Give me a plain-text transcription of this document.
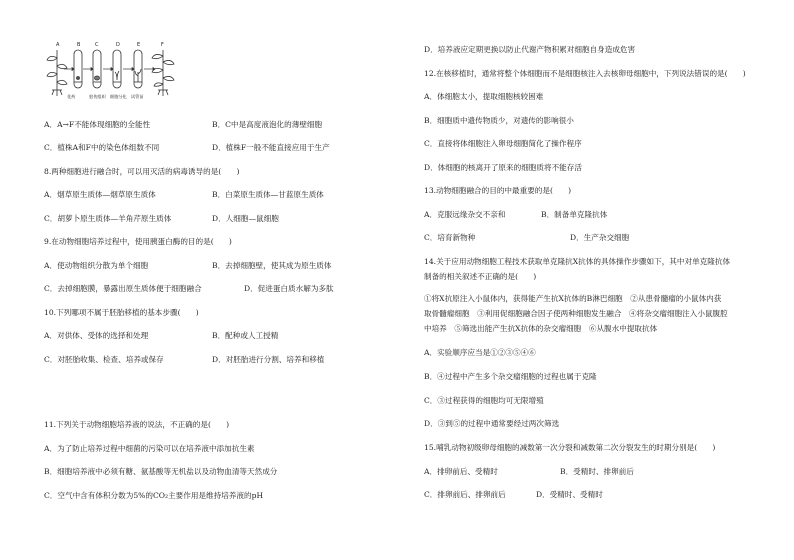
A	B	C	D	E	F
花药	愈伤组织 细胞分化 试管苗
A．A→F不能体现细胞的全能性	B．C中是高度液泡化的薄壁细胞
C．植株A和F中的染色体组数不同	D．植株F一般不能直接应用于生产
8.两种细胞进行融合时，可以用灭活的病毒诱导的是(　　)
A．烟草原生质体—烟草原生质体	B．白菜原生质体—甘蓝原生质体
C．胡萝卜原生质体—羊角芹原生质体	D．人细胞—鼠细胞
9.在动物细胞培养过程中，使用胰蛋白酶的目的是(　　)
A．使动物组织分散为单个细胞	B．去掉细胞壁，使其成为原生质体
C．去掉细胞膜，暴露出原生质体便于细胞融合	D．促进蛋白质水解为多肽
10.下列哪项不属于胚胎移植的基本步骤(　　)
A．对供体、受体的选择和处理	B．配种或人工授精
C．对胚胎收集、检查、培养或保存	D．对胚胎进行分割、培养和移植
11.下列关于动物细胞培养液的说法，不正确的是(　　)
A．为了防止培养过程中细菌的污染可以在培养液中添加抗生素
B．细胞培养液中必须有糖、氨基酸等无机盐以及动物血清等天然成分
C．空气中含有体积分数为5%的CO₂主要作用是维持培养液的pH
D．培养液应定期更换以防止代谢产物积累对细胞自身造成危害
12.在核移植时，通常将整个体细胞而不是细胞核注入去核卵母细胞中，下列说法错误的是(　　)
A．体细胞太小，提取细胞核较困难
B．细胞质中遗传物质少，对遗传的影响很小
C．直接将体细胞注入卵母细胞简化了操作程序
D．体细胞的核离开了原来的细胞质将不能存活
13.动物细胞融合的目的中最重要的是(　　)
A．克服远缘杂交不亲和	B．制备单克隆抗体
C．培育新物种	D．生产杂交细胞
14.关于应用动物细胞工程技术获取单克隆抗X抗体的具体操作步骤如下，其中对单克隆抗体
制备的相关叙述不正确的是(　　)
①将X抗原注入小鼠体内，获得能产生抗X抗体的B淋巴细胞　②从患骨髓瘤的小鼠体内获
取骨髓瘤细胞　③利用促细胞融合因子使两种细胞发生融合　④将杂交瘤细胞注入小鼠腹腔
中培养　⑤筛选出能产生抗X抗体的杂交瘤细胞　⑥从腹水中提取抗体
A．实验顺序应当是①②③⑤④⑥
B．④过程中产生多个杂交瘤细胞的过程也属于克隆
C．③过程获得的细胞均可无限增殖
D．③到⑤的过程中通常要经过两次筛选
15.哺乳动物初级卵母细胞的减数第一次分裂和减数第二次分裂发生的时期分别是(　　)
A．排卵前后、受精时	B．受精时、排卵前后
C．排卵前后、排卵前后	D．受精时、受精时
